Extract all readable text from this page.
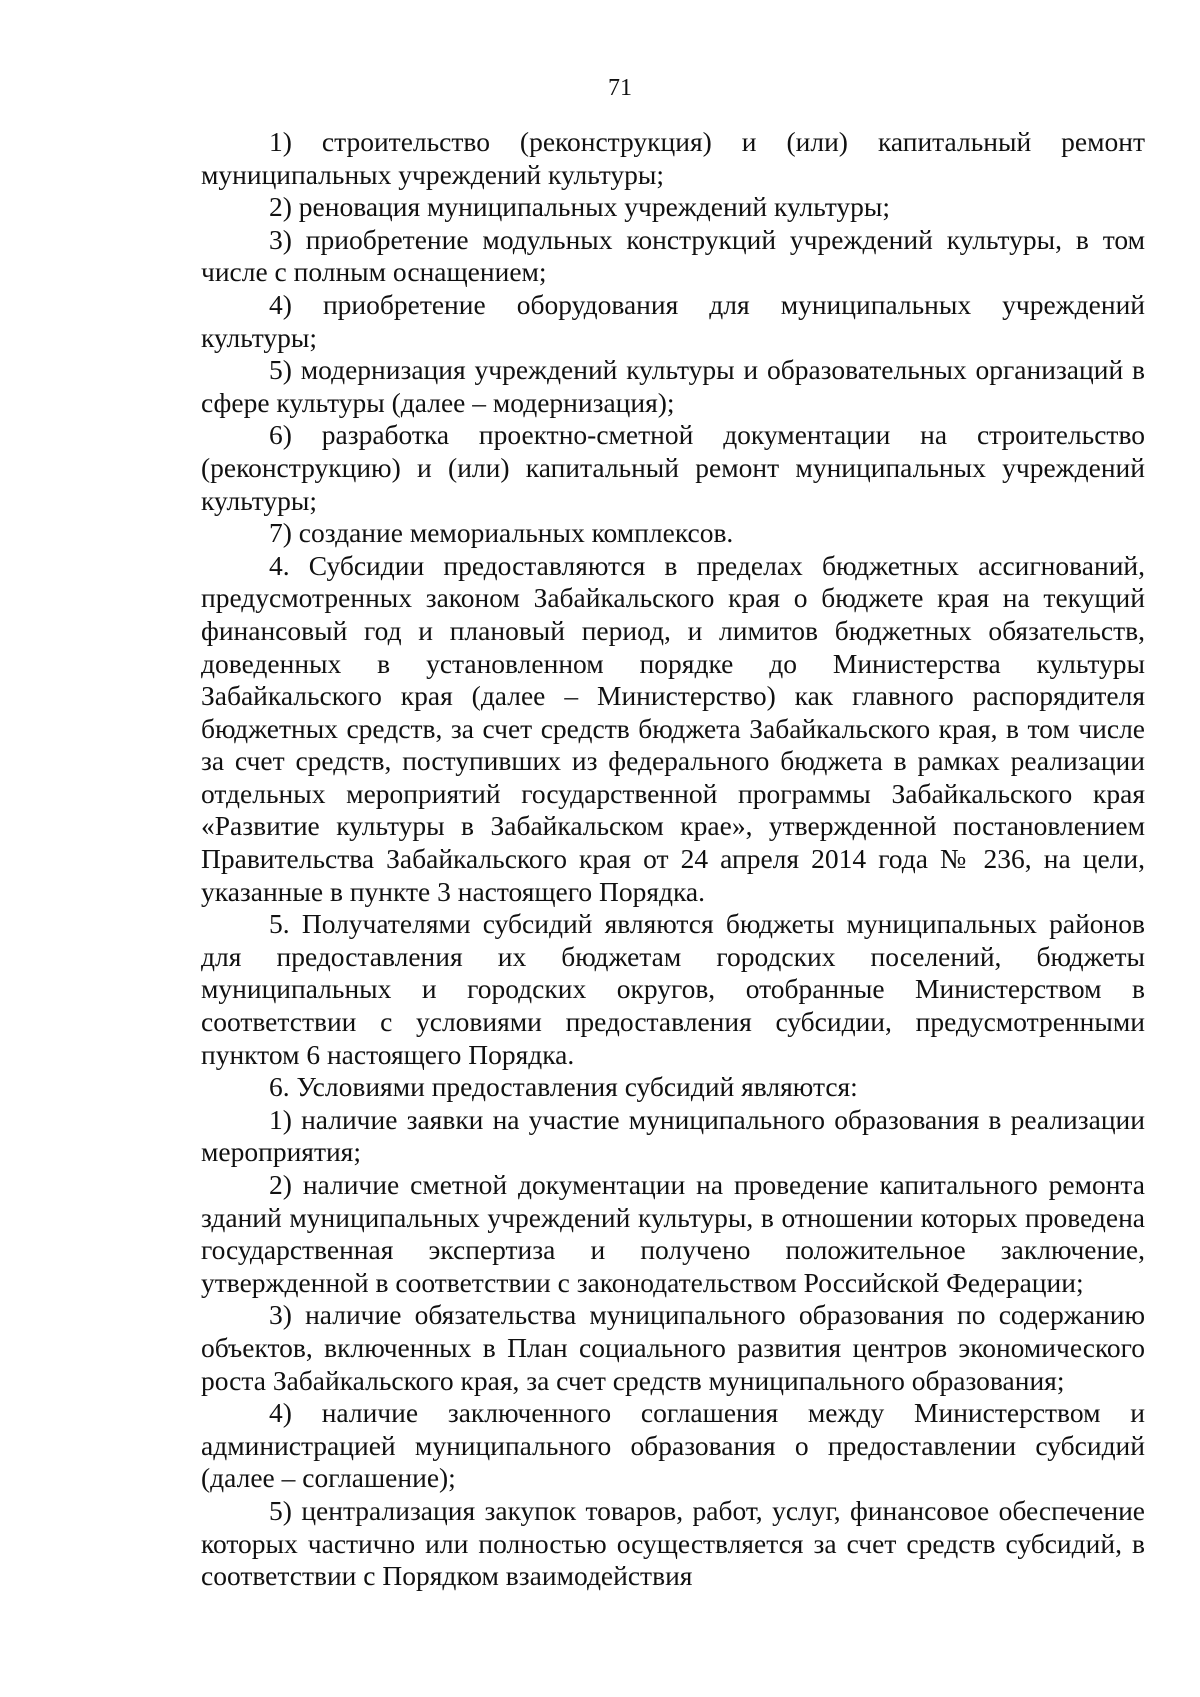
71

1) строительство (реконструкция) и (или) капитальный ремонт муниципальных учреждений культуры;

2) реновация муниципальных учреждений культуры;

3) приобретение модульных конструкций учреждений культуры, в том числе с полным оснащением;

4) приобретение оборудования для муниципальных учреждений культуры;

5) модернизация учреждений культуры и образовательных организаций в сфере культуры (далее – модернизация);

6) разработка проектно-сметной документации на строительство (реконструкцию) и (или) капитальный ремонт муниципальных учреждений культуры;

7) создание мемориальных комплексов.

4. Субсидии предоставляются в пределах бюджетных ассигнований, предусмотренных законом Забайкальского края о бюджете края на текущий финансовый год и плановый период, и лимитов бюджетных обязательств, доведенных в установленном порядке до Министерства культуры Забайкальского края (далее – Министерство) как главного распорядителя бюджетных средств, за счет средств бюджета Забайкальского края, в том числе за счет средств, поступивших из федерального бюджета в рамках реализации отдельных мероприятий государственной программы Забайкальского края «Развитие культуры в Забайкальском крае», утвержденной постановлением Правительства Забайкальского края от 24 апреля 2014 года № 236, на цели, указанные в пункте 3 настоящего Порядка.

5. Получателями субсидий являются бюджеты муниципальных районов для предоставления их бюджетам городских поселений, бюджеты муниципальных и городских округов, отобранные Министерством в соответствии с условиями предоставления субсидии, предусмотренными пунктом 6 настоящего Порядка.

6. Условиями предоставления субсидий являются:

1) наличие заявки на участие муниципального образования в реализации мероприятия;

2) наличие сметной документации на проведение капитального ремонта зданий муниципальных учреждений культуры, в отношении которых проведена государственная экспертиза и получено положительное заключение, утвержденной в соответствии с законодательством Российской Федерации;

3) наличие обязательства муниципального образования по содержанию объектов, включенных в План социального развития центров экономического роста Забайкальского края, за счет средств муниципального образования;

4) наличие заключенного соглашения между Министерством и администрацией муниципального образования о предоставлении субсидий (далее – соглашение);

5) централизация закупок товаров, работ, услуг, финансовое обеспечение которых частично или полностью осуществляется за счет средств субсидий, в соответствии с Порядком взаимодействия
